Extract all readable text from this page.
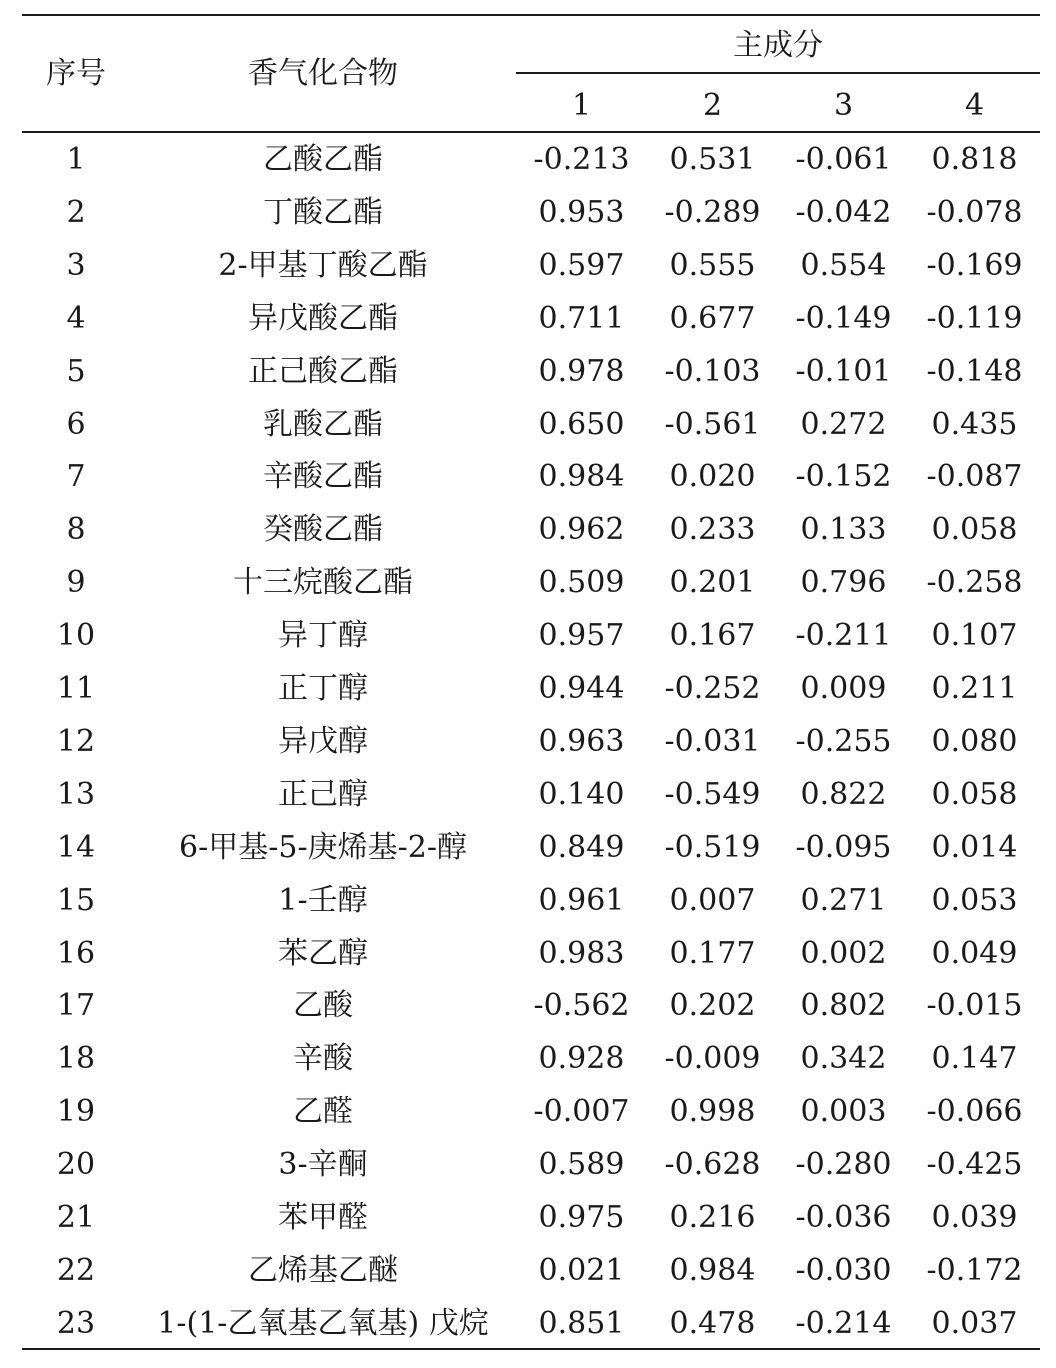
序号	香气化合物
主成分
1	2	3	4
1	乙酸乙酯	-0.213	0.531	-0.061	0.818
2	丁酸乙酯	0.953	-0.289	-0.042	-0.078
3	2-甲基丁酸乙酯	0.597	0.555	0.554	-0.169
4	异戊酸乙酯	0.711	0.677	-0.149	-0.119
5	正己酸乙酯	0.978	-0.103	-0.101	-0.148
6	乳酸乙酯	0.650	-0.561	0.272	0.435
7	辛酸乙酯	0.984	0.020	-0.152	-0.087
8	癸酸乙酯	0.962	0.233	0.133	0.058
9	十三烷酸乙酯	0.509	0.201	0.796	-0.258
10	异丁醇	0.957	0.167	-0.211	0.107
11	正丁醇	0.944	-0.252	0.009	0.211
12	异戊醇	0.963	-0.031	-0.255	0.080
13	正己醇	0.140	-0.549	0.822	0.058
14	6-甲基-5-庚烯基-2-醇	0.849	-0.519	-0.095	0.014
15	1-壬醇	0.961	0.007	0.271	0.053
16	苯乙醇	0.983	0.177	0.002	0.049
17	乙酸	-0.562	0.202	0.802	-0.015
18	辛酸	0.928	-0.009	0.342	0.147
19	乙醛	-0.007	0.998	0.003	-0.066
20	3-辛酮	0.589	-0.628	-0.280	-0.425
21	苯甲醛	0.975	0.216	-0.036	0.039
22	乙烯基乙醚	0.021	0.984	-0.030	-0.172
23	1-(1-乙氧基乙氧基) 戊烷	0.851	0.478	-0.214	0.037
